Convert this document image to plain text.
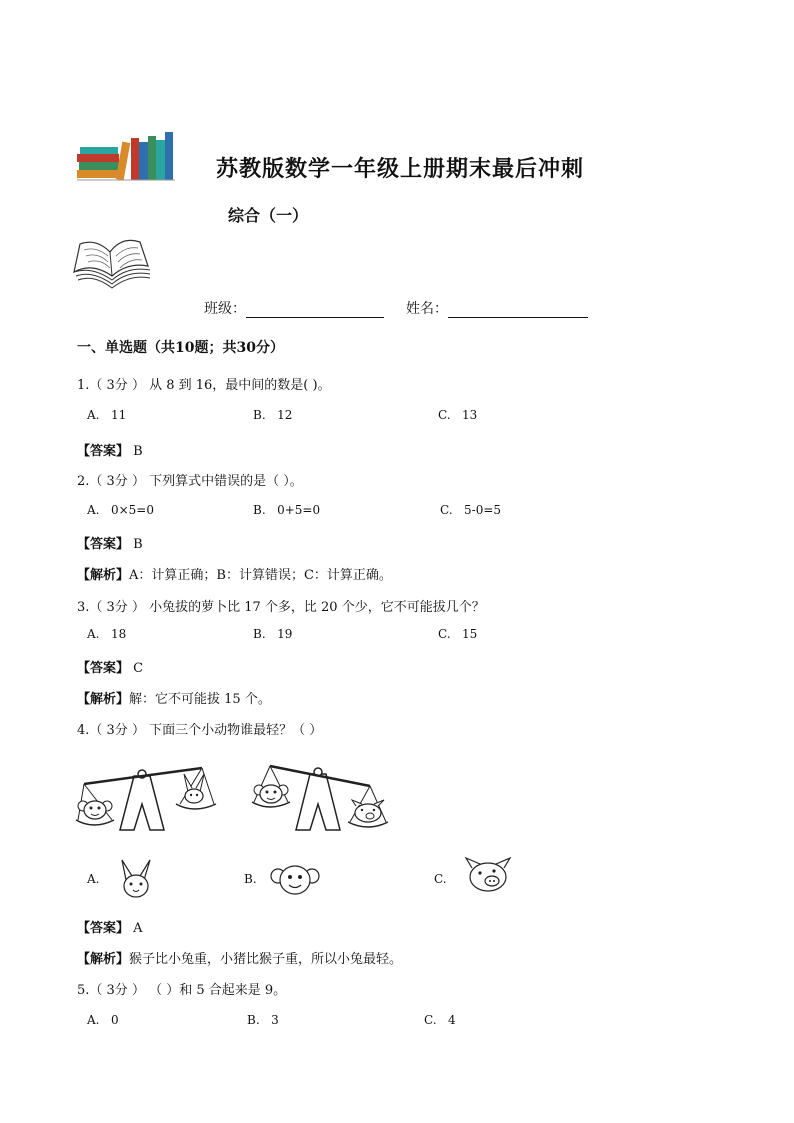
苏教版数学一年级上册期末最后冲刺
综合（一）
班级：	姓名：
一、单选题（共10题；共30分）
1.（ 3分 ） 从 8 到 16，最中间的数是( )。
A. 11	B. 12	C. 13
【答案】 B
2.（ 3分 ） 下列算式中错误的是（ ）。
A. 0×5=0	B. 0+5=0	C. 5-0=5
【答案】 B
【解析】A：计算正确；B：计算错误；C：计算正确。
3.（ 3分 ） 小兔拔的萝卜比 17 个多，比 20 个少，它不可能拔几个？
A. 18	B. 19	C. 15
【答案】 C
【解析】解：它不可能拔 15 个。
4.（ 3分 ） 下面三个小动物谁最轻？（ ）
A.	B.	C.
【答案】 A
【解析】猴子比小兔重，小猪比猴子重，所以小兔最轻。
5.（ 3分 ） （ ）和 5 合起来是 9。
A. 0	B. 3	C. 4
